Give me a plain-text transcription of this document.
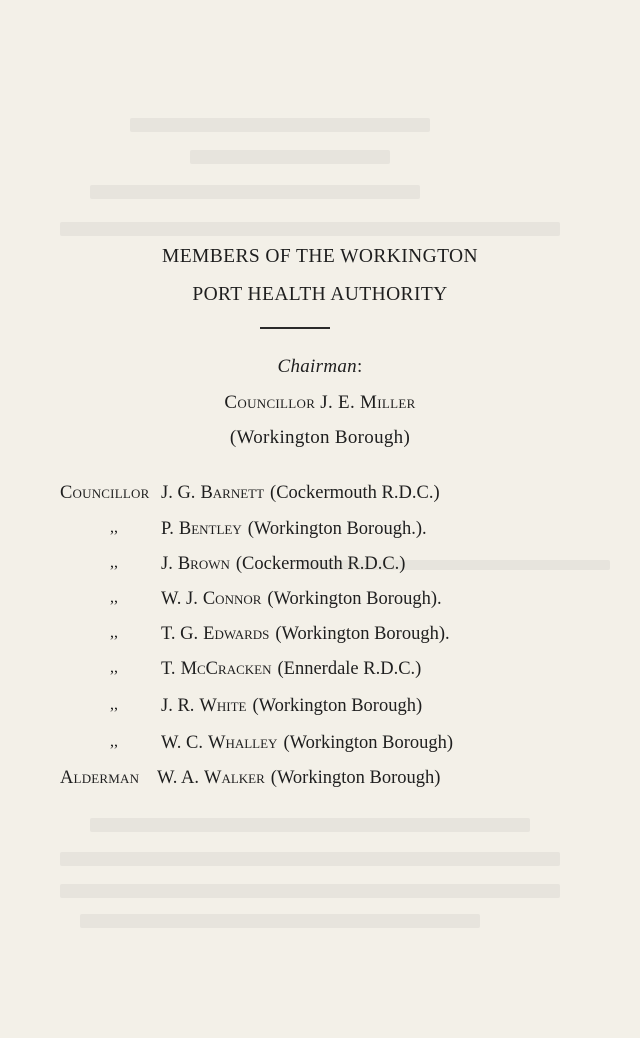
MEMBERS OF THE WORKINGTON
PORT HEALTH AUTHORITY
Chairman:
Councillor J. E. Miller
(Workington Borough)
Councillor J. G. Barnett (Cockermouth R.D.C.)
,,	P. Bentley (Workington Borough.).
,,	J. Brown (Cockermouth R.D.C.)
,,	W. J. Connor (Workington Borough).
,,	T. G. Edwards (Workington Borough).
,,	T. McCracken (Ennerdale R.D.C.)
,,	J. R. White (Workington Borough)
,,	W. C. Whalley (Workington Borough)
Alderman W. A. Walker (Workington Borough)
